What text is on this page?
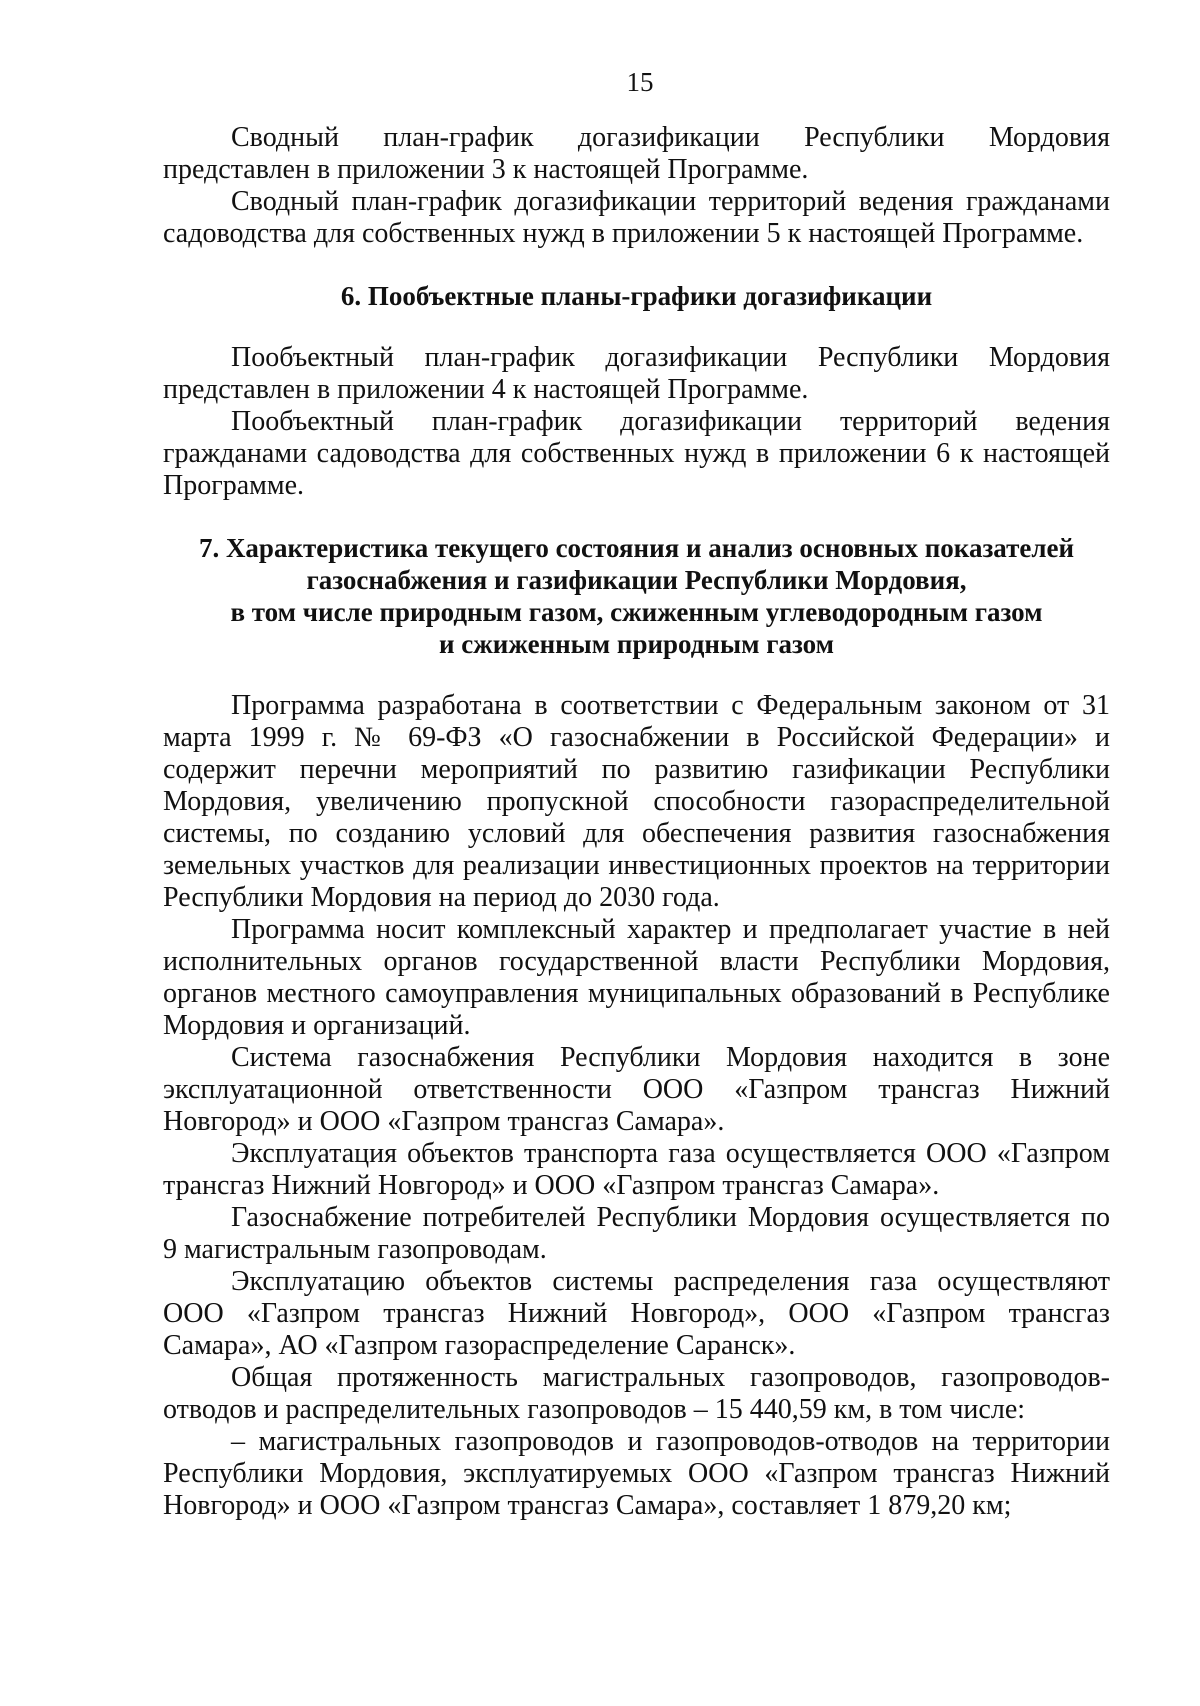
15

Сводный план-график догазификации Республики Мордовия представлен в приложении 3 к настоящей Программе.

Сводный план-график догазификации территорий ведения гражданами садоводства для собственных нужд в приложении 5 к настоящей Программе.

6. Пообъектные планы-графики догазификации

Пообъектный план-график догазификации Республики Мордовия представлен в приложении 4 к настоящей Программе.

Пообъектный план-график догазификации территорий ведения гражданами садоводства для собственных нужд в приложении 6 к настоящей Программе.

7. Характеристика текущего состояния и анализ основных показателей
газоснабжения и газификации Республики Мордовия,
в том числе природным газом, сжиженным углеводородным газом
и сжиженным природным газом

Программа разработана в соответствии с Федеральным законом от 31 марта 1999 г. № 69-ФЗ «О газоснабжении в Российской Федерации» и содержит перечни мероприятий по развитию газификации Республики Мордовия, увеличению пропускной способности газораспределительной системы, по созданию условий для обеспечения развития газоснабжения земельных участков для реализации инвестиционных проектов на территории Республики Мордовия на период до 2030 года.

Программа носит комплексный характер и предполагает участие в ней исполнительных органов государственной власти Республики Мордовия, органов местного самоуправления муниципальных образований в Республике Мордовия и организаций.

Система газоснабжения Республики Мордовия находится в зоне эксплуатационной ответственности ООО «Газпром трансгаз Нижний Новгород» и ООО «Газпром трансгаз Самара».

Эксплуатация объектов транспорта газа осуществляется ООО «Газпром трансгаз Нижний Новгород» и ООО «Газпром трансгаз Самара».

Газоснабжение потребителей Республики Мордовия осуществляется по 9 магистральным газопроводам.

Эксплуатацию объектов системы распределения газа осуществляют ООО «Газпром трансгаз Нижний Новгород», ООО «Газпром трансгаз Самара», АО «Газпром газораспределение Саранск».

Общая протяженность магистральных газопроводов, газопроводов-отводов и распределительных газопроводов – 15 440,59 км, в том числе:

– магистральных газопроводов и газопроводов-отводов на территории Республики Мордовия, эксплуатируемых ООО «Газпром трансгаз Нижний Новгород» и ООО «Газпром трансгаз Самара», составляет 1 879,20 км;
